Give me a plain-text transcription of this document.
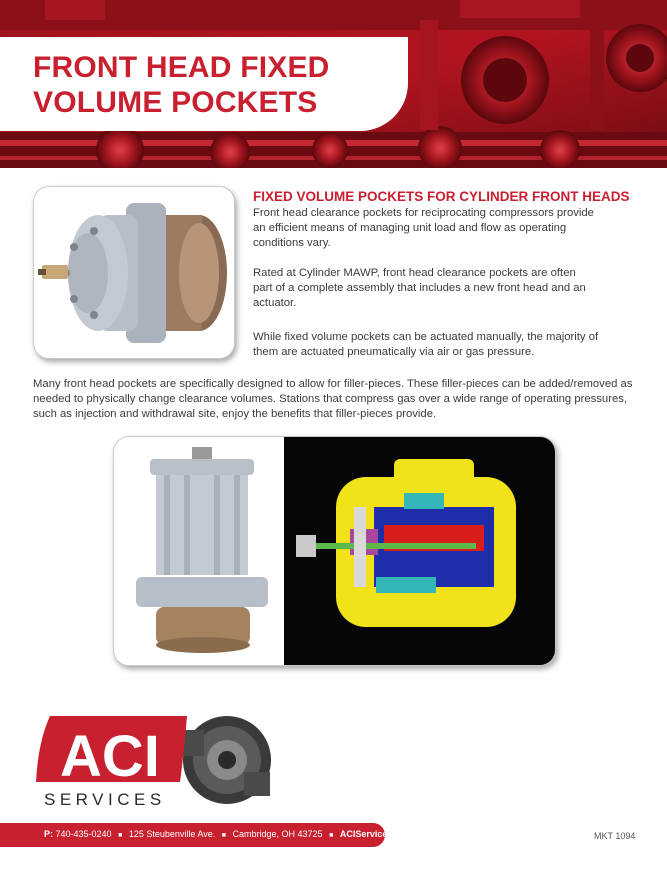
FRONT HEAD FIXED
VOLUME POCKETS
FIXED VOLUME POCKETS FOR CYLINDER FRONT HEADS

Front head clearance pockets for reciprocating compressors provide an efficient means of managing unit load and flow as operating conditions vary.

Rated at Cylinder MAWP, front head clearance pockets are often part of a complete assembly that includes a new front head and an actuator.

While fixed volume pockets can be actuated manually, the majority of them are actuated pneumatically via air or gas pressure.

Many front head pockets are specifically designed to allow for filler-pieces. These filler-pieces can be added/removed as needed to physically change clearance volumes. Stations that compress gas over a wide range of operating pressures, such as injection and withdrawal site, enjoy the benefits that filler-pieces provide.

ACI
SERVICES
P: 740-435-0240 ■ 125 Steubenville Ave. ■ Cambridge, OH 43725 ■ ACIServices.com	MKT 1094
